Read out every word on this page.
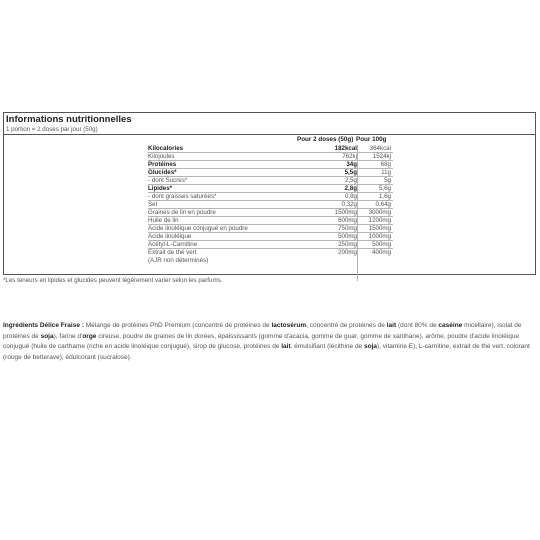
Informations nutritionnelles
1 portion = 2 doses par jour (50g)
Pour 2 doses (50g) Pour 100g
Kilocalories	182kcal 364kcal
Kilojoules	762kj	1524kj
Protéines	34g	68g
Glucides*	5,5g	11g
- dont Sucres*	2,5g	5g
Lipides*	2,8g	5,6g
- dont graisses saturées*	0,8g	1,6g
Sel	0,32g	0,64g
Graines de lin en poudre	1500mg 3000mg
Huile de lin	600mg 1200mg
Acide linoléique conjugué en poudre	750mg 1500mg
Acide linoléique	500mg 1000mg
Acétyl-L-Carnitine	250mg 500mg
Extrait de thé vert	200mg 400mg
(AJR non déterminés)
*Les teneurs en lipides et glucides peuvent légèrement varier selon les parfums.
Ingrédients Délice Fraise : Mélange de protéines PhD Premium (concentré de protéines de lactosérum, concentré de protéines de lait (dont 80% de caséine micellaire), isolat de protéines de soja), farine d'orge cireuse, poudre de graines de lin dorées, épaississants (gomme d'acacia, gomme de guar, gomme de xanthane), arôme, poudre d'acide linoléique conjugué (huile de carthame (riche en acide linoléique conjugué), sirop de glucose, protéines de lait, émulsifiant (lécithine de soja), vitamine E), L-carnitine, extrait de thé vert, colorant (rouge de betterave), édulcorant (sucralose).
